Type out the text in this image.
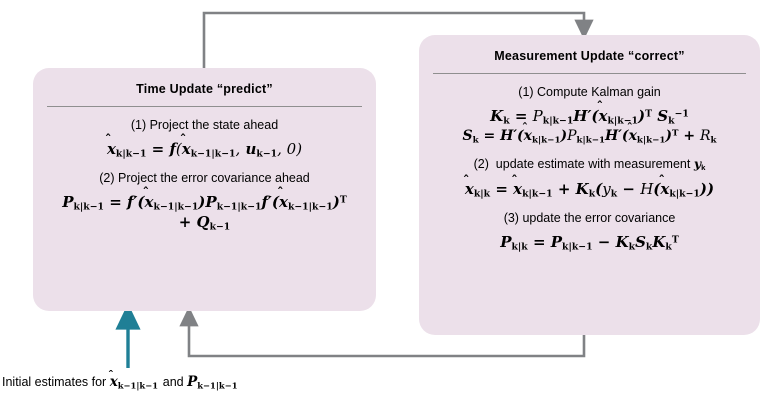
Time Update “predict”
(1) Project the state ahead
x
$_{k|k-1}$ = f(x
$_{k-1|k-1}$, $u_{k-1}$, 0)
(2) Project the error covariance ahead
$P_{k|k-1} = f'(x$
$_{k-1|k-1})P_{k-1|k-1}f'(x$
$_{k-1|k-1}$)$^T$
+ $Q_{k-1}$
Measurement Update “correct”
(1) Compute Kalman gain
$K_k = P_{k|k-1}H'(x$
$_{k|k-1}$)$^T$ $S_k^{-1}$
$S_k = H'(x$
$_{k|k-1})P_{k|k-1}H'(x$
$_{k|k-1})^T + R_k$
(2)  update estimate with measurement $y_k$
x
$_{k|k}$ = x
$_{k|k-1} + K_k(y_k - H(x$
$_{k|k-1}$))
(3) update the error covariance
$P_{k|k} = P_{k|k-1} - K_kS_kK_k^T$
Initial estimates for x
$_{k-1|k-1}$ and $P_{k-1|k-1}$
